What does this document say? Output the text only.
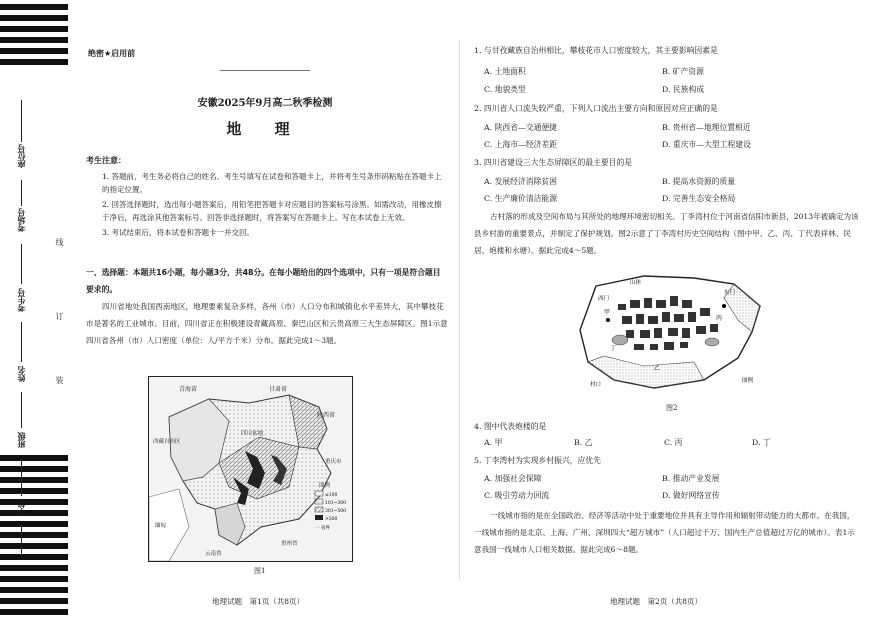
座位号
考场号
考生号
姓名
班级
学校
线
订
装
绝密★启用前
安徽2025年9月高二秋季检测
地 理
考生注意：

1. 答题前，考生务必将自己的姓名、考生号填写在试卷和答题卡上，并将考生号条形码粘贴在答题卡上的指定位置。

2. 回答选择题时，选出每小题答案后，用铅笔把答题卡对应题目的答案标号涂黑。如需改动，用橡皮擦干净后，再选涂其他答案标号。回答非选择题时，将答案写在答题卡上。写在本试卷上无效。

3. 考试结束后，将本试卷和答题卡一并交回。

一、选择题：本题共16小题，每小题3分，共48分。在每小题给出的四个选项中，只有一项是符合题目要求的。
四川省地处我国西南地区，地理要素复杂多样，各州（市）人口分布和城镇化水平差异大，其中攀枝花市是著名的工业城市。目前，四川省正在积极建设青藏高原、秦巴山区和云贵高原三大生态屏障区。图1示意四川省各州（市）人口密度（单位：人/平方千米）分布。据此完成1～3题。
青海省	甘肃省
陕西省
四川盆地
西藏自治区
云南省
贵州省
重庆市
缅甸
图例
≤100
101~300
301~500
>500
一 省界
图1
地理试题　第1页（共8页）
1. 与甘孜藏族自治州相比，攀枝花市人口密度较大，其主要影响因素是
A. 土地面积	B. 矿产资源
C. 地貌类型	D. 民族构成
2. 四川省人口流失较严重，下列人口流出主要方向和原因对应正确的是
A. 陕西省—交通便捷	B. 贵州省—地理位置相近
C. 上海市—经济差距	D. 重庆市—大型工程建设
3. 四川省建设三大生态屏障区的最主要目的是
A. 发展经济消除贫困	B. 提高水资源的质量
C. 生产廉价清洁能源	D. 完善生态安全格局
古村落的形成及空间布局与其所处的地理环境密切相关。丁李湾村位于河南省信阳市新县，2013年被确定为该县乡村游的重要景点，并制定了保护规划。图2示意了丁李湾村历史空间结构（图中甲、乙、丙、丁代表祥林、民居、炮楼和水塘）。据此完成4～5题。
山体
西门
东门
甲
乙
丙
丁
村口
图例
图2
4. 图中代表炮楼的是
A. 甲	B. 乙	C. 丙	D. 丁
5. 丁李湾村为实现乡村振兴，应优先
A. 加强社会保障	B. 推动产业发展
C. 吸引劳动力回流	D. 做好网络宣传
一线城市指的是在全国政治、经济等活动中处于重要地位并具有主导作用和辐射带动能力的大都市。在我国，一线城市指的是北京、上海、广州、深圳四大“超万城市”（人口超过千万、国内生产总值超过万亿的城市）。表1示意我国一线城市人口相关数据。据此完成6～8题。
地理试题　第2页（共8页）
